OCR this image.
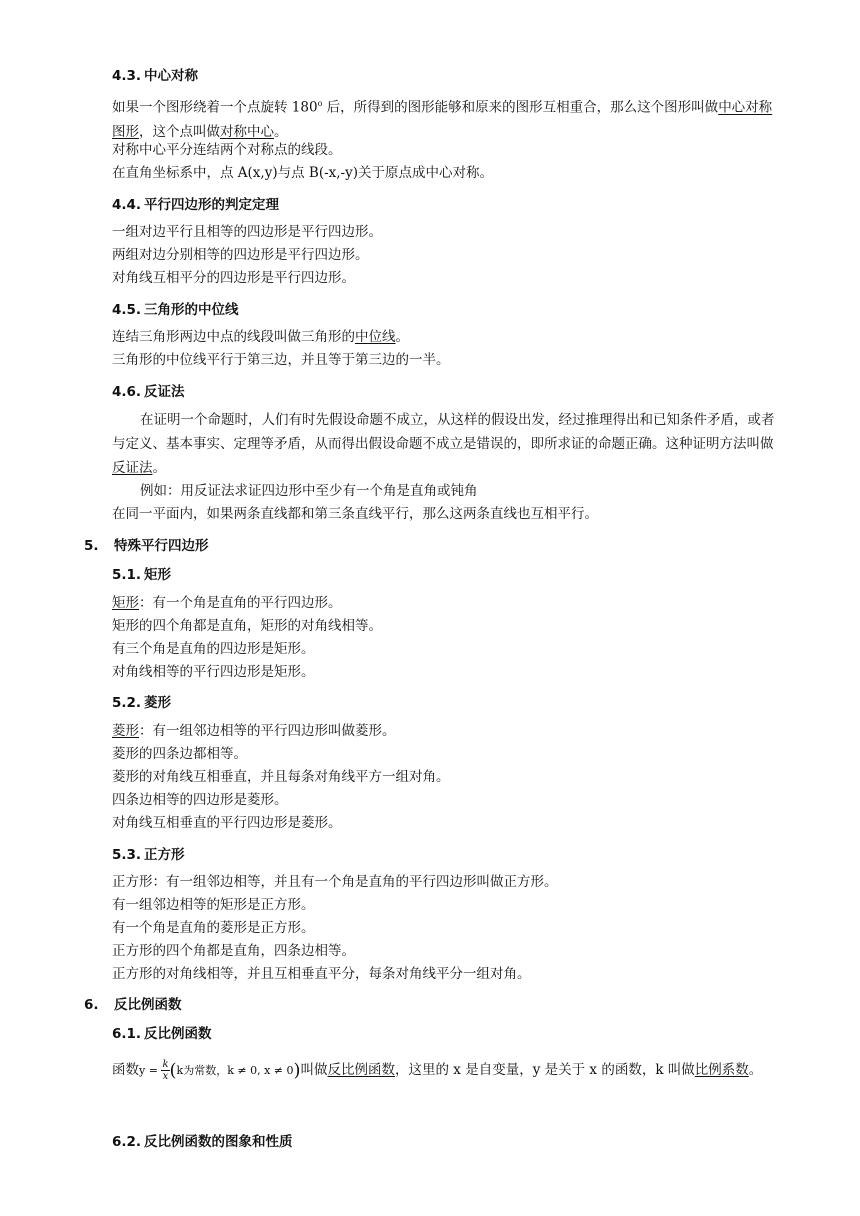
4.3. 中心对称
如果一个图形绕着一个点旋转 180$^o$ 后，所得到的图形能够和原来的图形互相重合，那么这个图形叫做中心对称图形，这个点叫做对称中心。
对称中心平分连结两个对称点的线段。
在直角坐标系中，点 A(x,y)与点 B(-x,-y)关于原点成中心对称。
4.4. 平行四边形的判定定理
一组对边平行且相等的四边形是平行四边形。
两组对边分别相等的四边形是平行四边形。
对角线互相平分的四边形是平行四边形。
4.5. 三角形的中位线
连结三角形两边中点的线段叫做三角形的中位线。
三角形的中位线平行于第三边，并且等于第三边的一半。
4.6. 反证法
在证明一个命题时，人们有时先假设命题不成立，从这样的假设出发，经过推理得出和已知条件矛盾，或者与定义、基本事实、定理等矛盾，从而得出假设命题不成立是错误的，即所求证的命题正确。这种证明方法叫做反证法。
例如：用反证法求证四边形中至少有一个角是直角或钝角
在同一平面内，如果两条直线都和第三条直线平行，那么这两条直线也互相平行。
5. 特殊平行四边形
5.1. 矩形
矩形：有一个角是直角的平行四边形。
矩形的四个角都是直角，矩形的对角线相等。
有三个角是直角的四边形是矩形。
对角线相等的平行四边形是矩形。
5.2. 菱形
菱形：有一组邻边相等的平行四边形叫做菱形。
菱形的四条边都相等。
菱形的对角线互相垂直，并且每条对角线平方一组对角。
四条边相等的四边形是菱形。
对角线互相垂直的平行四边形是菱形。
5.3. 正方形
正方形：有一组邻边相等，并且有一个角是直角的平行四边形叫做正方形。
有一组邻边相等的矩形是正方形。
有一个角是直角的菱形是正方形。
正方形的四个角都是直角，四条边相等。
正方形的对角线相等，并且互相垂直平分，每条对角线平分一组对角。
6. 反比例函数
6.1. 反比例函数
函数$y = \frac{k}{x} (k$为常数，k ≠ 0, x ≠ 0)叫做反比例函数，这里的 x 是自变量，y 是关于 x 的函数，k 叫做比例系数。
6.2. 反比例函数的图象和性质
